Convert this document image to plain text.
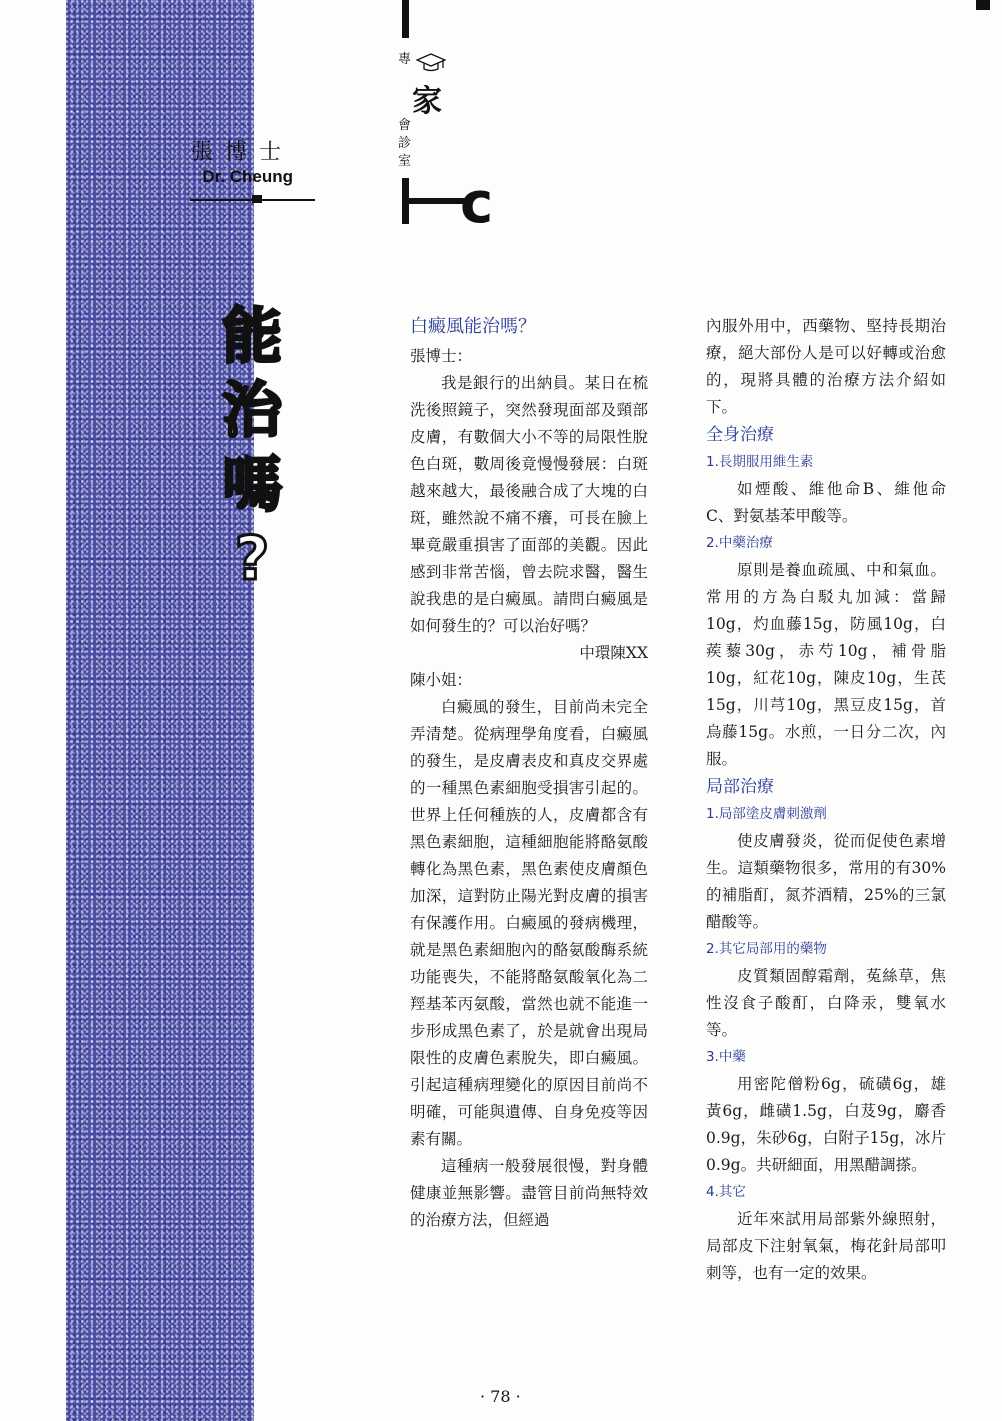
張博士
Dr. Cheung
能
治
嗎
?
專
家
會
診
室
c
白癜風能治嗎？

張博士：

我是銀行的出納員。某日在梳洗後照鏡子，突然發現面部及頸部皮膚，有數個大小不等的局限性脫色白斑，數周後竟慢慢發展：白斑越來越大，最後融合成了大塊的白斑，雖然說不痛不癢，可長在臉上畢竟嚴重損害了面部的美觀。因此感到非常苦惱，曾去院求醫，醫生說我患的是白癜風。請問白癜風是如何發生的？可以治好嗎？

中環陳XX

陳小姐：

白癜風的發生，目前尚未完全弄清楚。從病理學角度看，白癜風的發生，是皮膚表皮和真皮交界處的一種黑色素細胞受損害引起的。世界上任何種族的人，皮膚都含有黑色素細胞，這種細胞能將酪氨酸轉化為黑色素，黑色素使皮膚顏色加深，這對防止陽光對皮膚的損害有保護作用。白癜風的發病機理，就是黑色素細胞內的酪氨酸酶系統功能喪失，不能將酪氨酸氧化為二羥基苯丙氨酸，當然也就不能進一步形成黑色素了，於是就會出現局限性的皮膚色素脫失，即白癜風。引起這種病理變化的原因目前尚不明確，可能與遺傳、自身免疫等因素有關。

這種病一般發展很慢，對身體健康並無影響。盡管目前尚無特效的治療方法，但經過

內服外用中，西藥物、堅持長期治療，絕大部份人是可以好轉或治愈的，現將具體的治療方法介紹如下。

全身治療
1.長期服用維生素

如煙酸、維他命B、維他命C、對氨基苯甲酸等。

2.中藥治療

原則是養血疏風、中和氣血。常用的方為白駁丸加減：當歸10g，灼血藤15g，防風10g，白蒺藜30g，赤芍10g，補骨脂10g，紅花10g，陳皮10g，生芪15g，川芎10g，黑豆皮15g，首烏藤15g。水煎，一日分二次，內服。

局部治療
1.局部塗皮膚刺激劑

使皮膚發炎，從而促使色素增生。這類藥物很多，常用的有30%的補脂酊，氮芥酒精，25%的三氯醋酸等。

2.其它局部用的藥物

皮質類固醇霜劑，菟絲草，焦性沒食子酸酊，白降汞，雙氧水等。

3.中藥

用密陀僧粉6g，硫磺6g，雄黃6g，雌磺1.5g，白芨9g，麝香0.9g，朱砂6g，白附子15g，冰片0.9g。共研細面，用黑醋調搽。

4.其它

近年來試用局部紫外線照射，局部皮下注射氧氣，梅花針局部叩刺等，也有一定的效果。

· 78 ·
